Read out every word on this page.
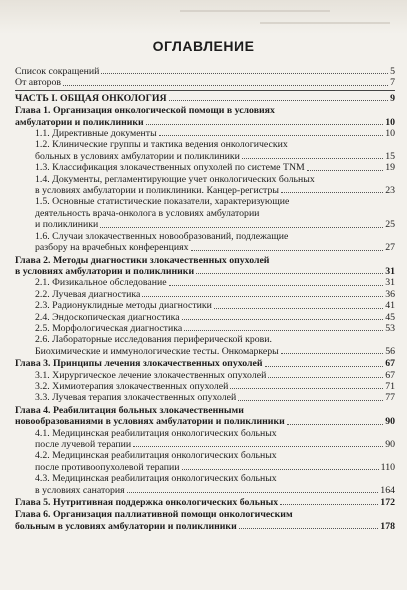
ОГЛАВЛЕНИЕ
Список сокращений	5
От авторов	7
ЧАСТЬ I. ОБЩАЯ ОНКОЛОГИЯ	9
Глава 1. Организация онкологической помощи в условиях
амбулатории и поликлиники	10
1.1. Директивные документы	10
1.2. Клинические группы и тактика ведения онкологических
больных в условиях амбулатории и поликлиники	15
1.3. Классификация злокачественных опухолей по системе TNM	19
1.4. Документы, регламентирующие учет онкологических больных
в условиях амбулатории и поликлиники. Канцер-регистры	23
1.5. Основные статистические показатели, характеризующие
деятельность врача-онколога в условиях амбулатории
и поликлиники	25
1.6. Случаи злокачественных новообразований, подлежащие
разбору на врачебных конференциях	27
Глава 2. Методы диагностики злокачественных опухолей
в условиях амбулатории и поликлиники	31
2.1. Физикальное обследование	31
2.2. Лучевая диагностика	36
2.3. Радионуклидные методы диагностики	41
2.4. Эндоскопическая диагностика	45
2.5. Морфологическая диагностика	53
2.6. Лабораторные исследования периферической крови.
Биохимические и иммунологические тесты. Онкомаркеры	56
Глава 3. Принципы лечения злокачественных опухолей	67
3.1. Хирургическое лечение злокачественных опухолей	67
3.2. Химиотерапия злокачественных опухолей	71
3.3. Лучевая терапия злокачественных опухолей	77
Глава 4. Реабилитация больных злокачественными
новообразованиями в условиях амбулатории и поликлиники	90
4.1. Медицинская реабилитация онкологических больных
после лучевой терапии	90
4.2. Медицинская реабилитация онкологических больных
после противоопухолевой терапии	110
4.3. Медицинская реабилитация онкологических больных
в условиях санатория	164
Глава 5. Нутритивная поддержка онкологических больных	172
Глава 6. Организация паллиативной помощи онкологическим
больным в условиях амбулатории и поликлиники	178
